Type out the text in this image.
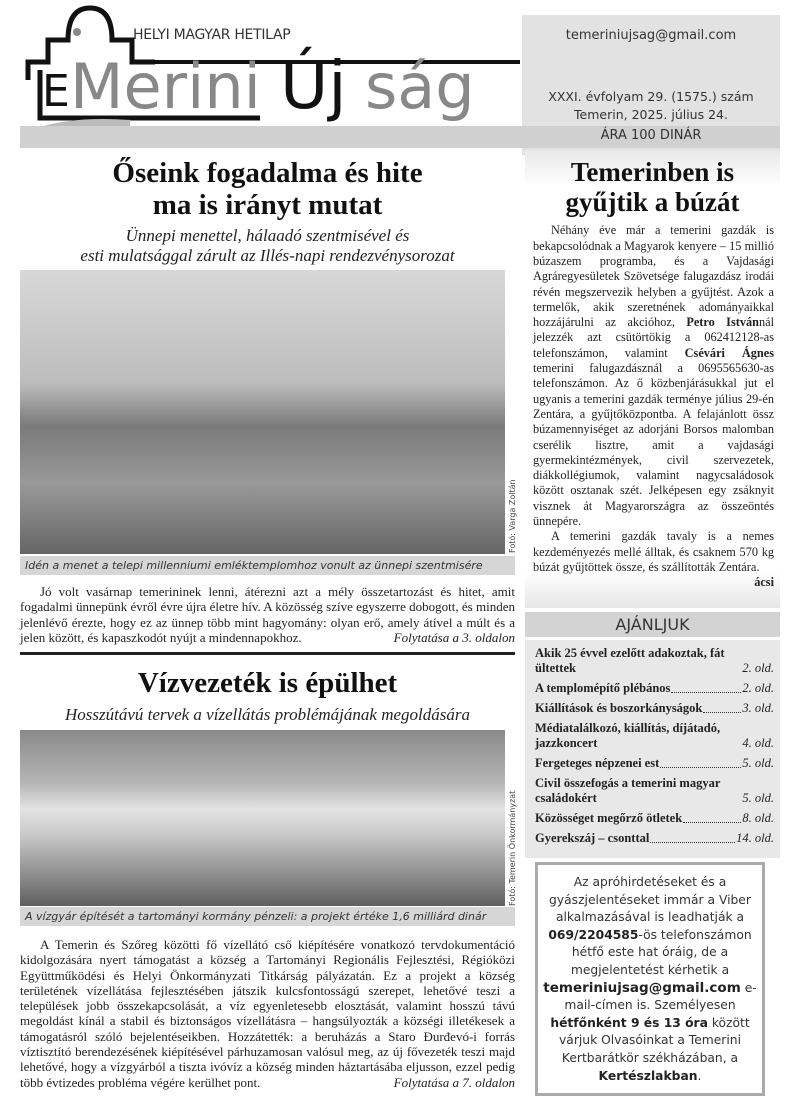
E Merini Új ság
HELYI MAGYAR HETILAP	temeriniujsag@gmail.com
XXXI. évfolyam 29. (1575.) szám
Temerin, 2025. július 24.
ÁRA 100 DINÁR
Őseink fogadalma és hite
ma is irányt mutat
Ünnepi menettel, hálaadó szentmisével és
esti mulatsággal zárult az Illés-napi rendezvénysorozat
Fotó: Varga Zoltán
Idén a menet a telepi millenniumi emléktemplomhoz vonult az ünnepi szentmisére
Jó volt vasárnap temerininek lenni, átérezni azt a mély összetartozást és hitet, amit fogadalmi ünnepünk évről évre újra életre hív. A közösség szíve egyszerre dobogott, és minden jelenlévő érezte, hogy ez az ünnep több mint hagyomány: olyan erő, amely átível a múlt és a jelen között, és kapaszkodót nyújt a mindennapokhoz.	Folytatása a 3. oldalon
Vízvezeték is épülhet
Hosszútávú tervek a vízellátás problémájának megoldására
Fotó: Temerin Önkormányzat
A vízgyár építését a tartományi kormány pénzeli: a projekt értéke 1,6 milliárd dinár
A Temerin és Szőreg közötti fő vízellátó cső kiépítésére vonatkozó tervdokumentáció kidolgozására nyert támogatást a község a Tartományi Regionális Fejlesztési, Régióközi Együttműködési és Helyi Önkormányzati Titkárság pályázatán. Ez a projekt a község területének vízellátása fejlesztésében játszik kulcsfontosságú szerepet, lehetővé teszi a települések jobb összekapcsolását, a víz egyenletesebb elosztását, valamint hosszú távú megoldást kínál a stabil és biztonságos vízellátásra – hangsúlyozták a községi illetékesek a támogatásról szóló bejelentéseikben. Hozzátették: a beruházás a Staro Đurđevó-i forrás víztisztító berendezésének kiépítésével párhuzamosan valósul meg, az új fővezeték teszi majd lehetővé, hogy a vízgyárból a tiszta ivóvíz a község minden háztartásába eljusson, ezzel pedig több évtizedes probléma végére kerülhet pont.	Folytatása a 7. oldalon
Temerinben is
gyűjtik a búzát

Néhány éve már a temerini gazdák is bekapcsolódnak a Magyarok kenyere – 15 millió búzaszem programba, és a Vajdasági Agráregyesületek Szövetsége falugazdász irodái révén megszervezik helyben a gyűjtést. Azok a termelők, akik szeretnének adományaikkal hozzájárulni az akcióhoz, Petro Istvánnál jelezzék azt csütörtökig a 062412128-as telefonszámon, valamint Csévári Ágnes temerini falugazdásznál a 0695565630-as telefonszámon. Az ő közbenjárásukkal jut el ugyanis a temerini gazdák terménye július 29-én Zentára, a gyűjtőközpontba. A felajánlott össz búzamennyiséget az adorjáni Borsos malomban cserélik lisztre, amit a vajdasági gyermekintézmények, civil szervezetek, diákkollégiumok, valamint nagycsaládosok között osztanak szét. Jelképesen egy zsáknyit visznek át Magyarországra az összeöntés ünnepére.

A temerini gazdák tavaly is a nemes kezdeményezés mellé álltak, és csaknem 570 kg búzát gyűjtöttek össze, és szállították Zentára.

ácsi
AJÁNLJUK
Akik 25 évvel ezelőtt adakoztak, fát ültettek	2. old.
A templomépítő plébános	2. old.
Kiállítások és boszorkányságok	3. old.
Médiatalálkozó, kiállítás, díjátadó, jazzkoncert	4. old.
Fergeteges népzenei est	5. old.
Civil összefogás a temerini magyar családokért	5. old.
Közösséget megőrző ötletek	8. old.
Gyerekszáj – csonttal	14. old.
Az apróhirdetéseket és a gyászjelentéseket immár a Viber alkalmazásával is leadhatják a 069/2204585-ös telefonszámon hétfő este hat óráig, de a megjelentetést kérhetik a temeriniujsag@gmail.com e-mail-címen is. Személyesen hétfőnként 9 és 13 óra között várjuk Olvasóinkat a Temerini Kertbarátkör székházában, a Kertészlakban.
